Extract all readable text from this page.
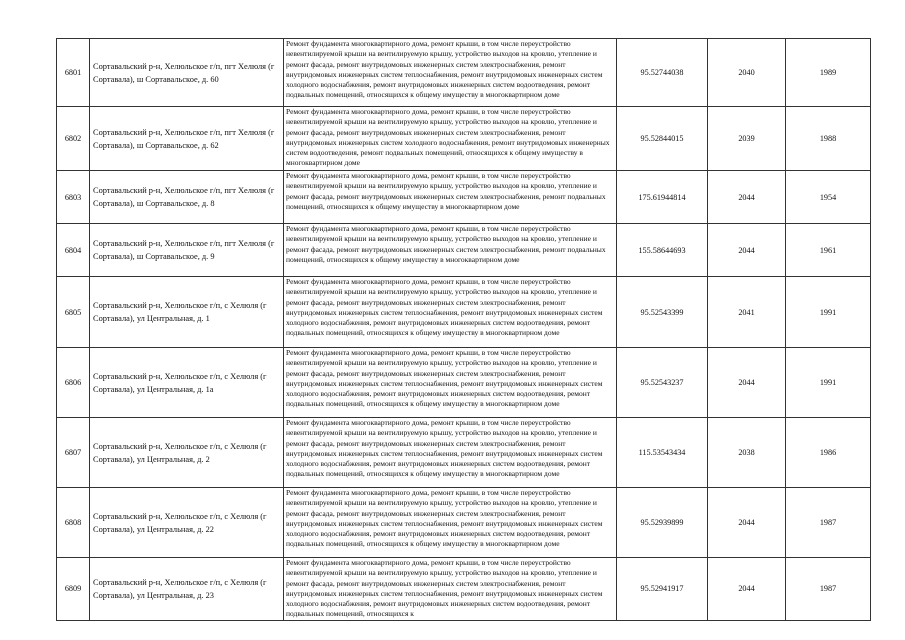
6801	Сортавальский р-н, Хелюльское г/п, пгт Хелюля (г Сортавала), ш Сортавальское, д. 60	Ремонт фундамента многоквартирного дома, ремонт крыши, в том числе переустройство невентилируемой крыши на вентилируемую крышу, устройство выходов на кровлю, утепление и ремонт фасада, ремонт внутридомовых инженерных систем электроснабжения, ремонт внутридомовых инженерных систем теплоснабжения, ремонт внутридомовых инженерных систем холодного водоснабжения, ремонт внутридомовых инженерных систем водоотведения, ремонт подвальных помещений, относящихся к общему имуществу в многоквартирном доме	95.52744038	2040	1989
6802	Сортавальский р-н, Хелюльское г/п, пгт Хелюля (г Сортавала), ш Сортавальское, д. 62	Ремонт фундамента многоквартирного дома, ремонт крыши, в том числе переустройство невентилируемой крыши на вентилируемую крышу, устройство выходов на кровлю, утепление и ремонт фасада, ремонт внутридомовых инженерных систем электроснабжения, ремонт внутридомовых инженерных систем холодного водоснабжения, ремонт внутридомовых инженерных систем водоотведения, ремонт подвальных помещений, относящихся к общему имуществу в многоквартирном доме	95.52844015	2039	1988
6803	Сортавальский р-н, Хелюльское г/п, пгт Хелюля (г Сортавала), ш Сортавальское, д. 8	Ремонт фундамента многоквартирного дома, ремонт крыши, в том числе переустройство невентилируемой крыши на вентилируемую крышу, устройство выходов на кровлю, утепление и ремонт фасада, ремонт внутридомовых инженерных систем электроснабжения, ремонт подвальных помещений, относящихся к общему имуществу в многоквартирном доме	175.61944814	2044	1954
6804	Сортавальский р-н, Хелюльское г/п, пгт Хелюля (г Сортавала), ш Сортавальское, д. 9	Ремонт фундамента многоквартирного дома, ремонт крыши, в том числе переустройство невентилируемой крыши на вентилируемую крышу, устройство выходов на кровлю, утепление и ремонт фасада, ремонт внутридомовых инженерных систем электроснабжения, ремонт подвальных помещений, относящихся к общему имуществу в многоквартирном доме	155.58644693	2044	1961
6805	Сортавальский р-н, Хелюльское г/п, с Хелюля (г Сортавала), ул Центральная, д. 1	Ремонт фундамента многоквартирного дома, ремонт крыши, в том числе переустройство невентилируемой крыши на вентилируемую крышу, устройство выходов на кровлю, утепление и ремонт фасада, ремонт внутридомовых инженерных систем электроснабжения, ремонт внутридомовых инженерных систем теплоснабжения, ремонт внутридомовых инженерных систем холодного водоснабжения, ремонт внутридомовых инженерных систем водоотведения, ремонт подвальных помещений, относящихся к общему имуществу в многоквартирном доме	95.52543399	2041	1991
6806	Сортавальский р-н, Хелюльское г/п, с Хелюля (г Сортавала), ул Центральная, д. 1а	Ремонт фундамента многоквартирного дома, ремонт крыши, в том числе переустройство невентилируемой крыши на вентилируемую крышу, устройство выходов на кровлю, утепление и ремонт фасада, ремонт внутридомовых инженерных систем электроснабжения, ремонт внутридомовых инженерных систем теплоснабжения, ремонт внутридомовых инженерных систем холодного водоснабжения, ремонт внутридомовых инженерных систем водоотведения, ремонт подвальных помещений, относящихся к общему имуществу в многоквартирном доме	95.52543237	2044	1991
6807	Сортавальский р-н, Хелюльское г/п, с Хелюля (г Сортавала), ул Центральная, д. 2	Ремонт фундамента многоквартирного дома, ремонт крыши, в том числе переустройство невентилируемой крыши на вентилируемую крышу, устройство выходов на кровлю, утепление и ремонт фасада, ремонт внутридомовых инженерных систем электроснабжения, ремонт внутридомовых инженерных систем теплоснабжения, ремонт внутридомовых инженерных систем холодного водоснабжения, ремонт внутридомовых инженерных систем водоотведения, ремонт подвальных помещений, относящихся к общему имуществу в многоквартирном доме	115.53543434	2038	1986
6808	Сортавальский р-н, Хелюльское г/п, с Хелюля (г Сортавала), ул Центральная, д. 22	Ремонт фундамента многоквартирного дома, ремонт крыши, в том числе переустройство невентилируемой крыши на вентилируемую крышу, устройство выходов на кровлю, утепление и ремонт фасада, ремонт внутридомовых инженерных систем электроснабжения, ремонт внутридомовых инженерных систем теплоснабжения, ремонт внутридомовых инженерных систем холодного водоснабжения, ремонт внутридомовых инженерных систем водоотведения, ремонт подвальных помещений, относящихся к общему имуществу в многоквартирном доме	95.52939899	2044	1987
6809	Сортавальский р-н, Хелюльское г/п, с Хелюля (г Сортавала), ул Центральная, д. 23	Ремонт фундамента многоквартирного дома, ремонт крыши, в том числе переустройство невентилируемой крыши на вентилируемую крышу, устройство выходов на кровлю, утепление и ремонт фасада, ремонт внутридомовых инженерных систем электроснабжения, ремонт внутридомовых инженерных систем теплоснабжения, ремонт внутридомовых инженерных систем холодного водоснабжения, ремонт внутридомовых инженерных систем водоотведения, ремонт подвальных помещений, относящихся к	95.52941917	2044	1987
